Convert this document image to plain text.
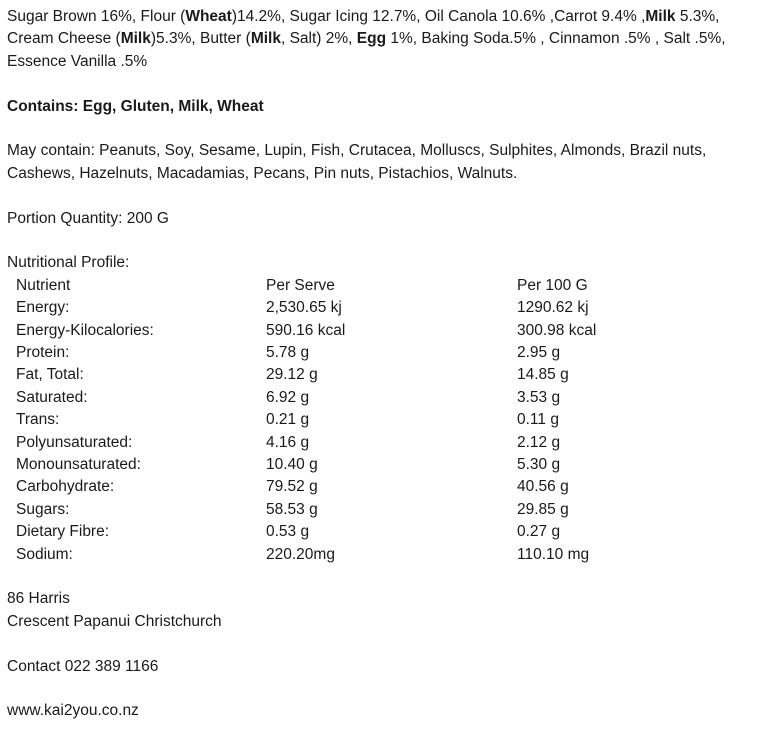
Sugar Brown 16%, Flour (Wheat)14.2%, Sugar Icing 12.7%, Oil Canola 10.6% ,Carrot 9.4% ,Milk 5.3%, Cream Cheese (Milk)5.3%, Butter (Milk, Salt) 2%, Egg 1%, Baking Soda.5% , Cinnamon .5% , Salt .5%, Essence Vanilla .5%

Contains: Egg, Gluten, Milk, Wheat

May contain: Peanuts, Soy, Sesame, Lupin, Fish, Crutacea, Molluscs, Sulphites, Almonds, Brazil nuts, Cashews, Hazelnuts, Macadamias, Pecans, Pin nuts, Pistachios, Walnuts.

Portion Quantity: 200 G

Nutritional Profile:

Nutrient	Per Serve	Per 100 G
Energy:	2,530.65 kj	1290.62 kj
Energy-Kilocalories:	590.16 kcal	300.98 kcal
Protein:	5.78 g	2.95 g
Fat, Total:	29.12 g	14.85 g
Saturated:	6.92 g	3.53 g
Trans:	0.21 g	0.11 g
Polyunsaturated:	4.16 g	2.12 g
Monounsaturated:	10.40 g	5.30 g
Carbohydrate:	79.52 g	40.56 g
Sugars:	58.53 g	29.85 g
Dietary Fibre:	0.53 g	0.27 g
Sodium:	220.20mg	110.10 mg

86 Harris

Crescent Papanui Christchurch

Contact 022 389 1166

www.kai2you.co.nz
